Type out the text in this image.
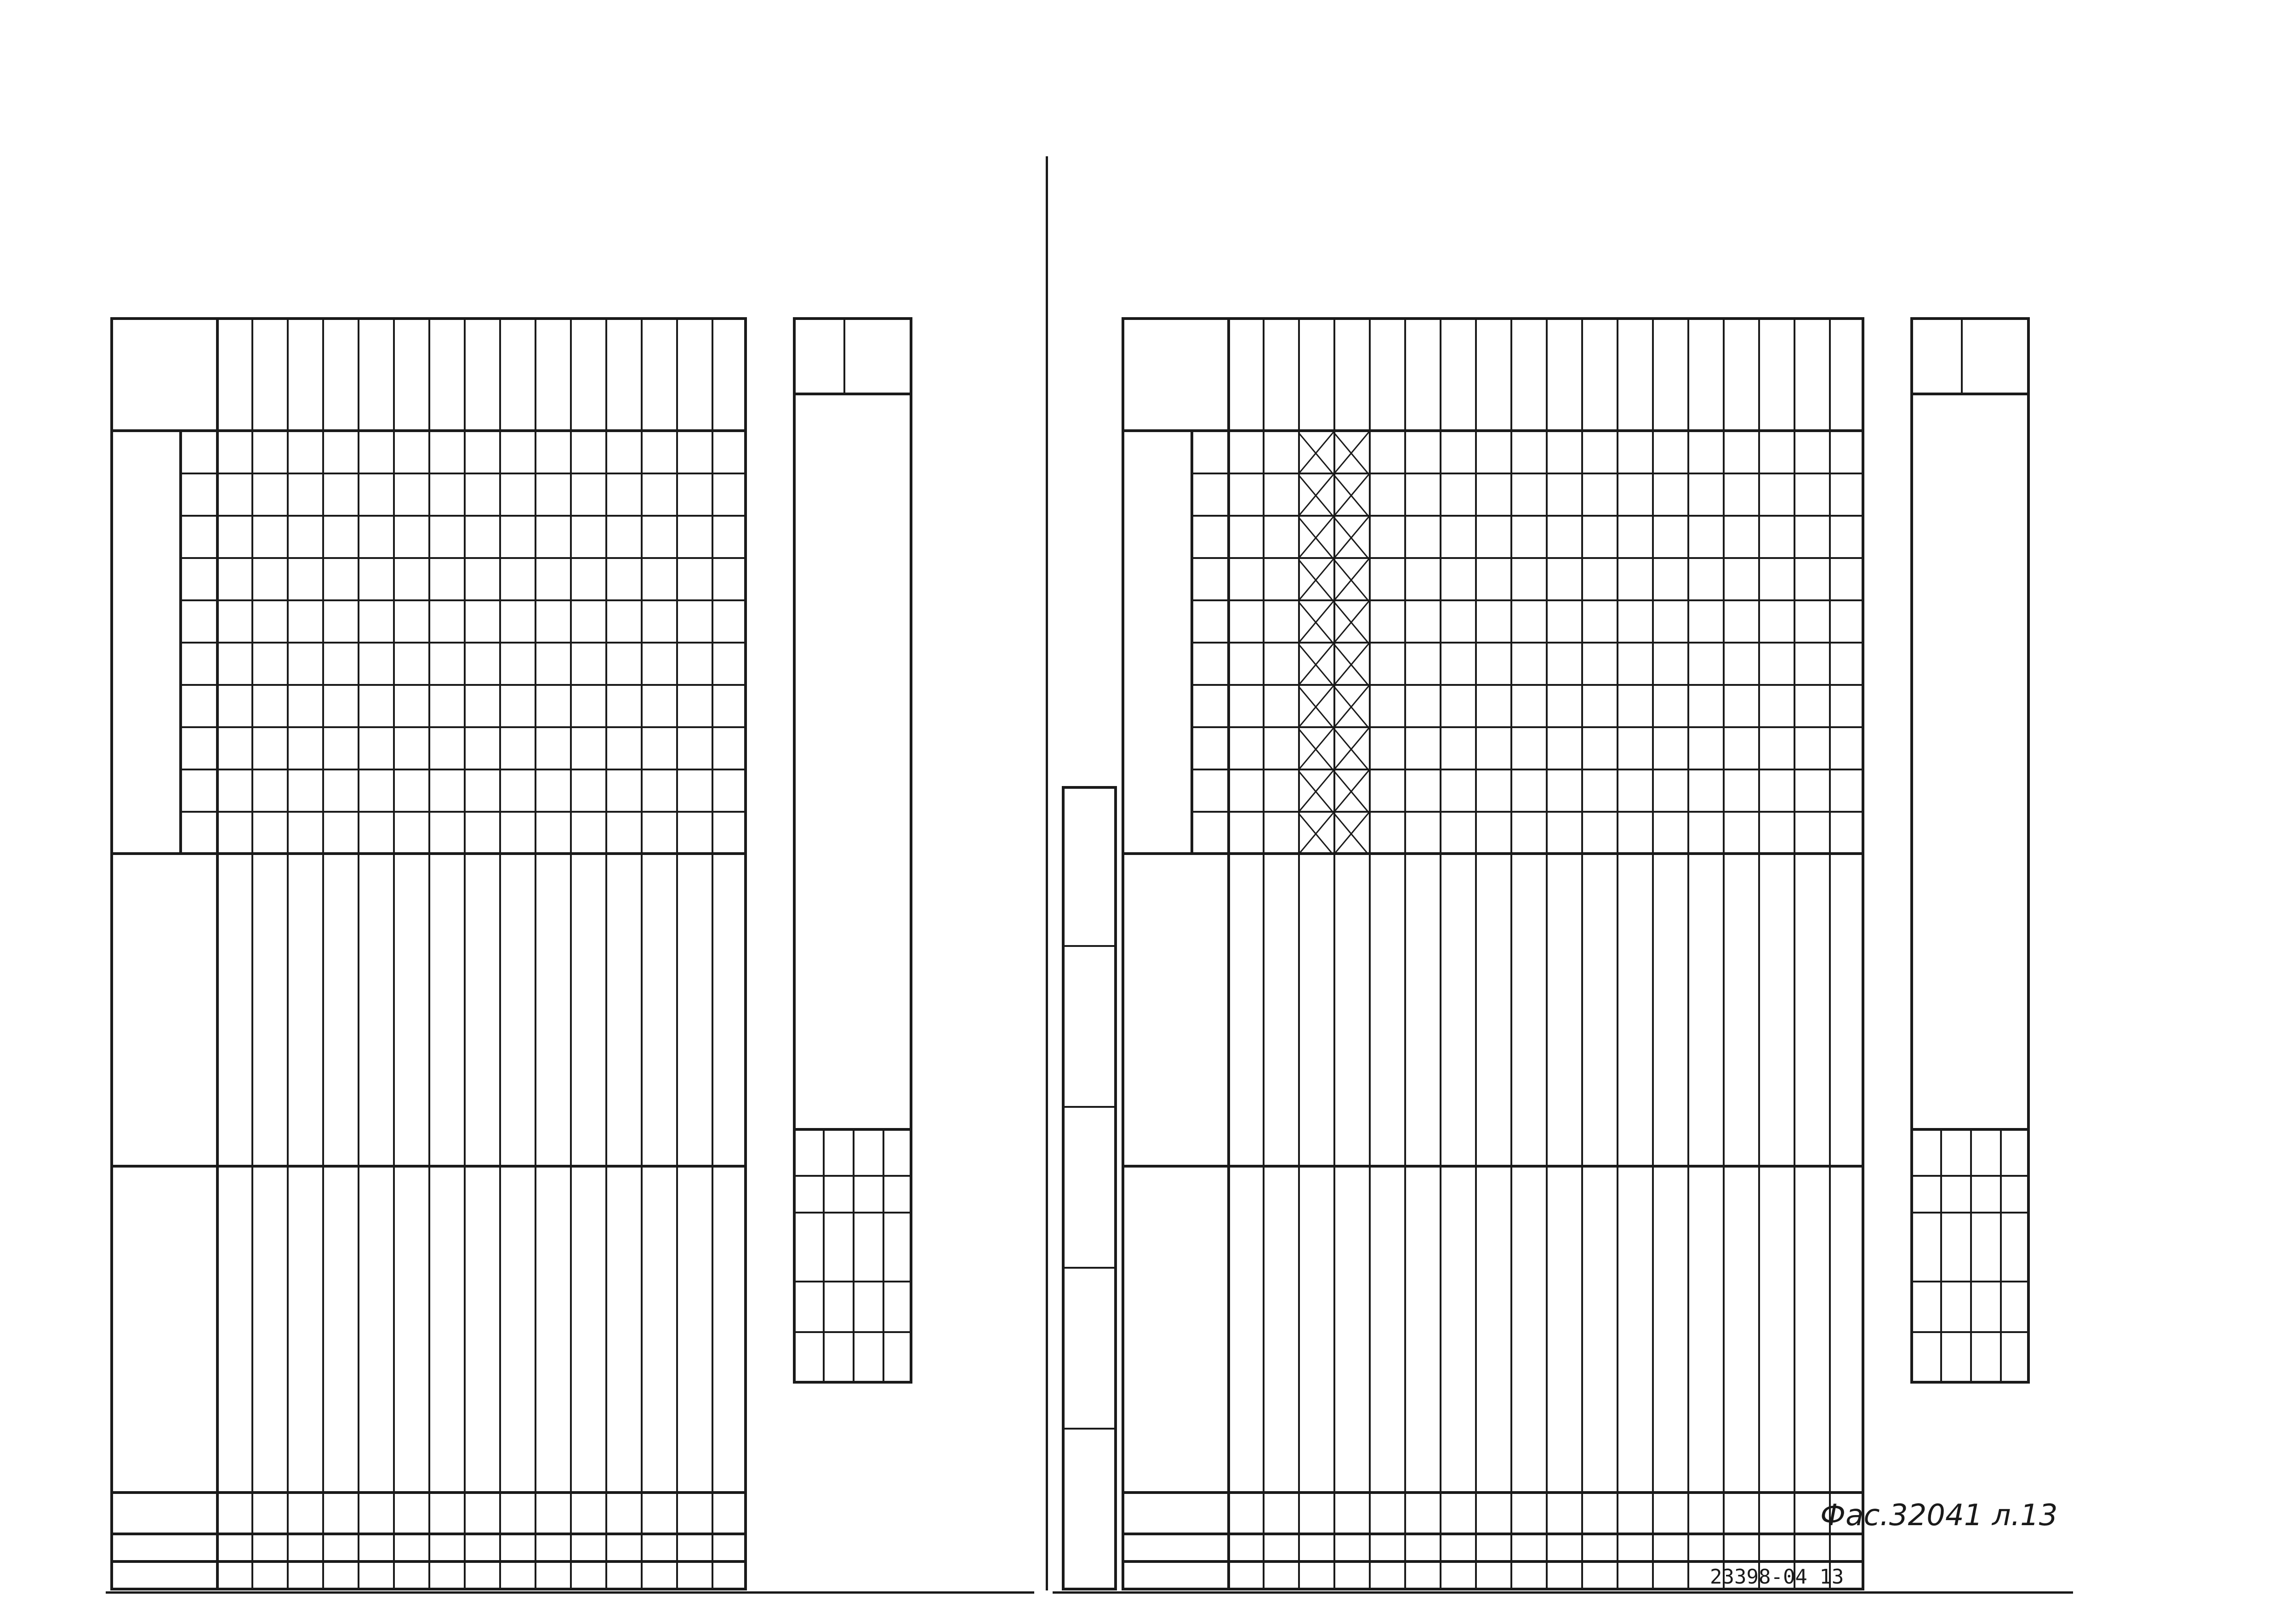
Фас.32041 л.13
23398-04 13
